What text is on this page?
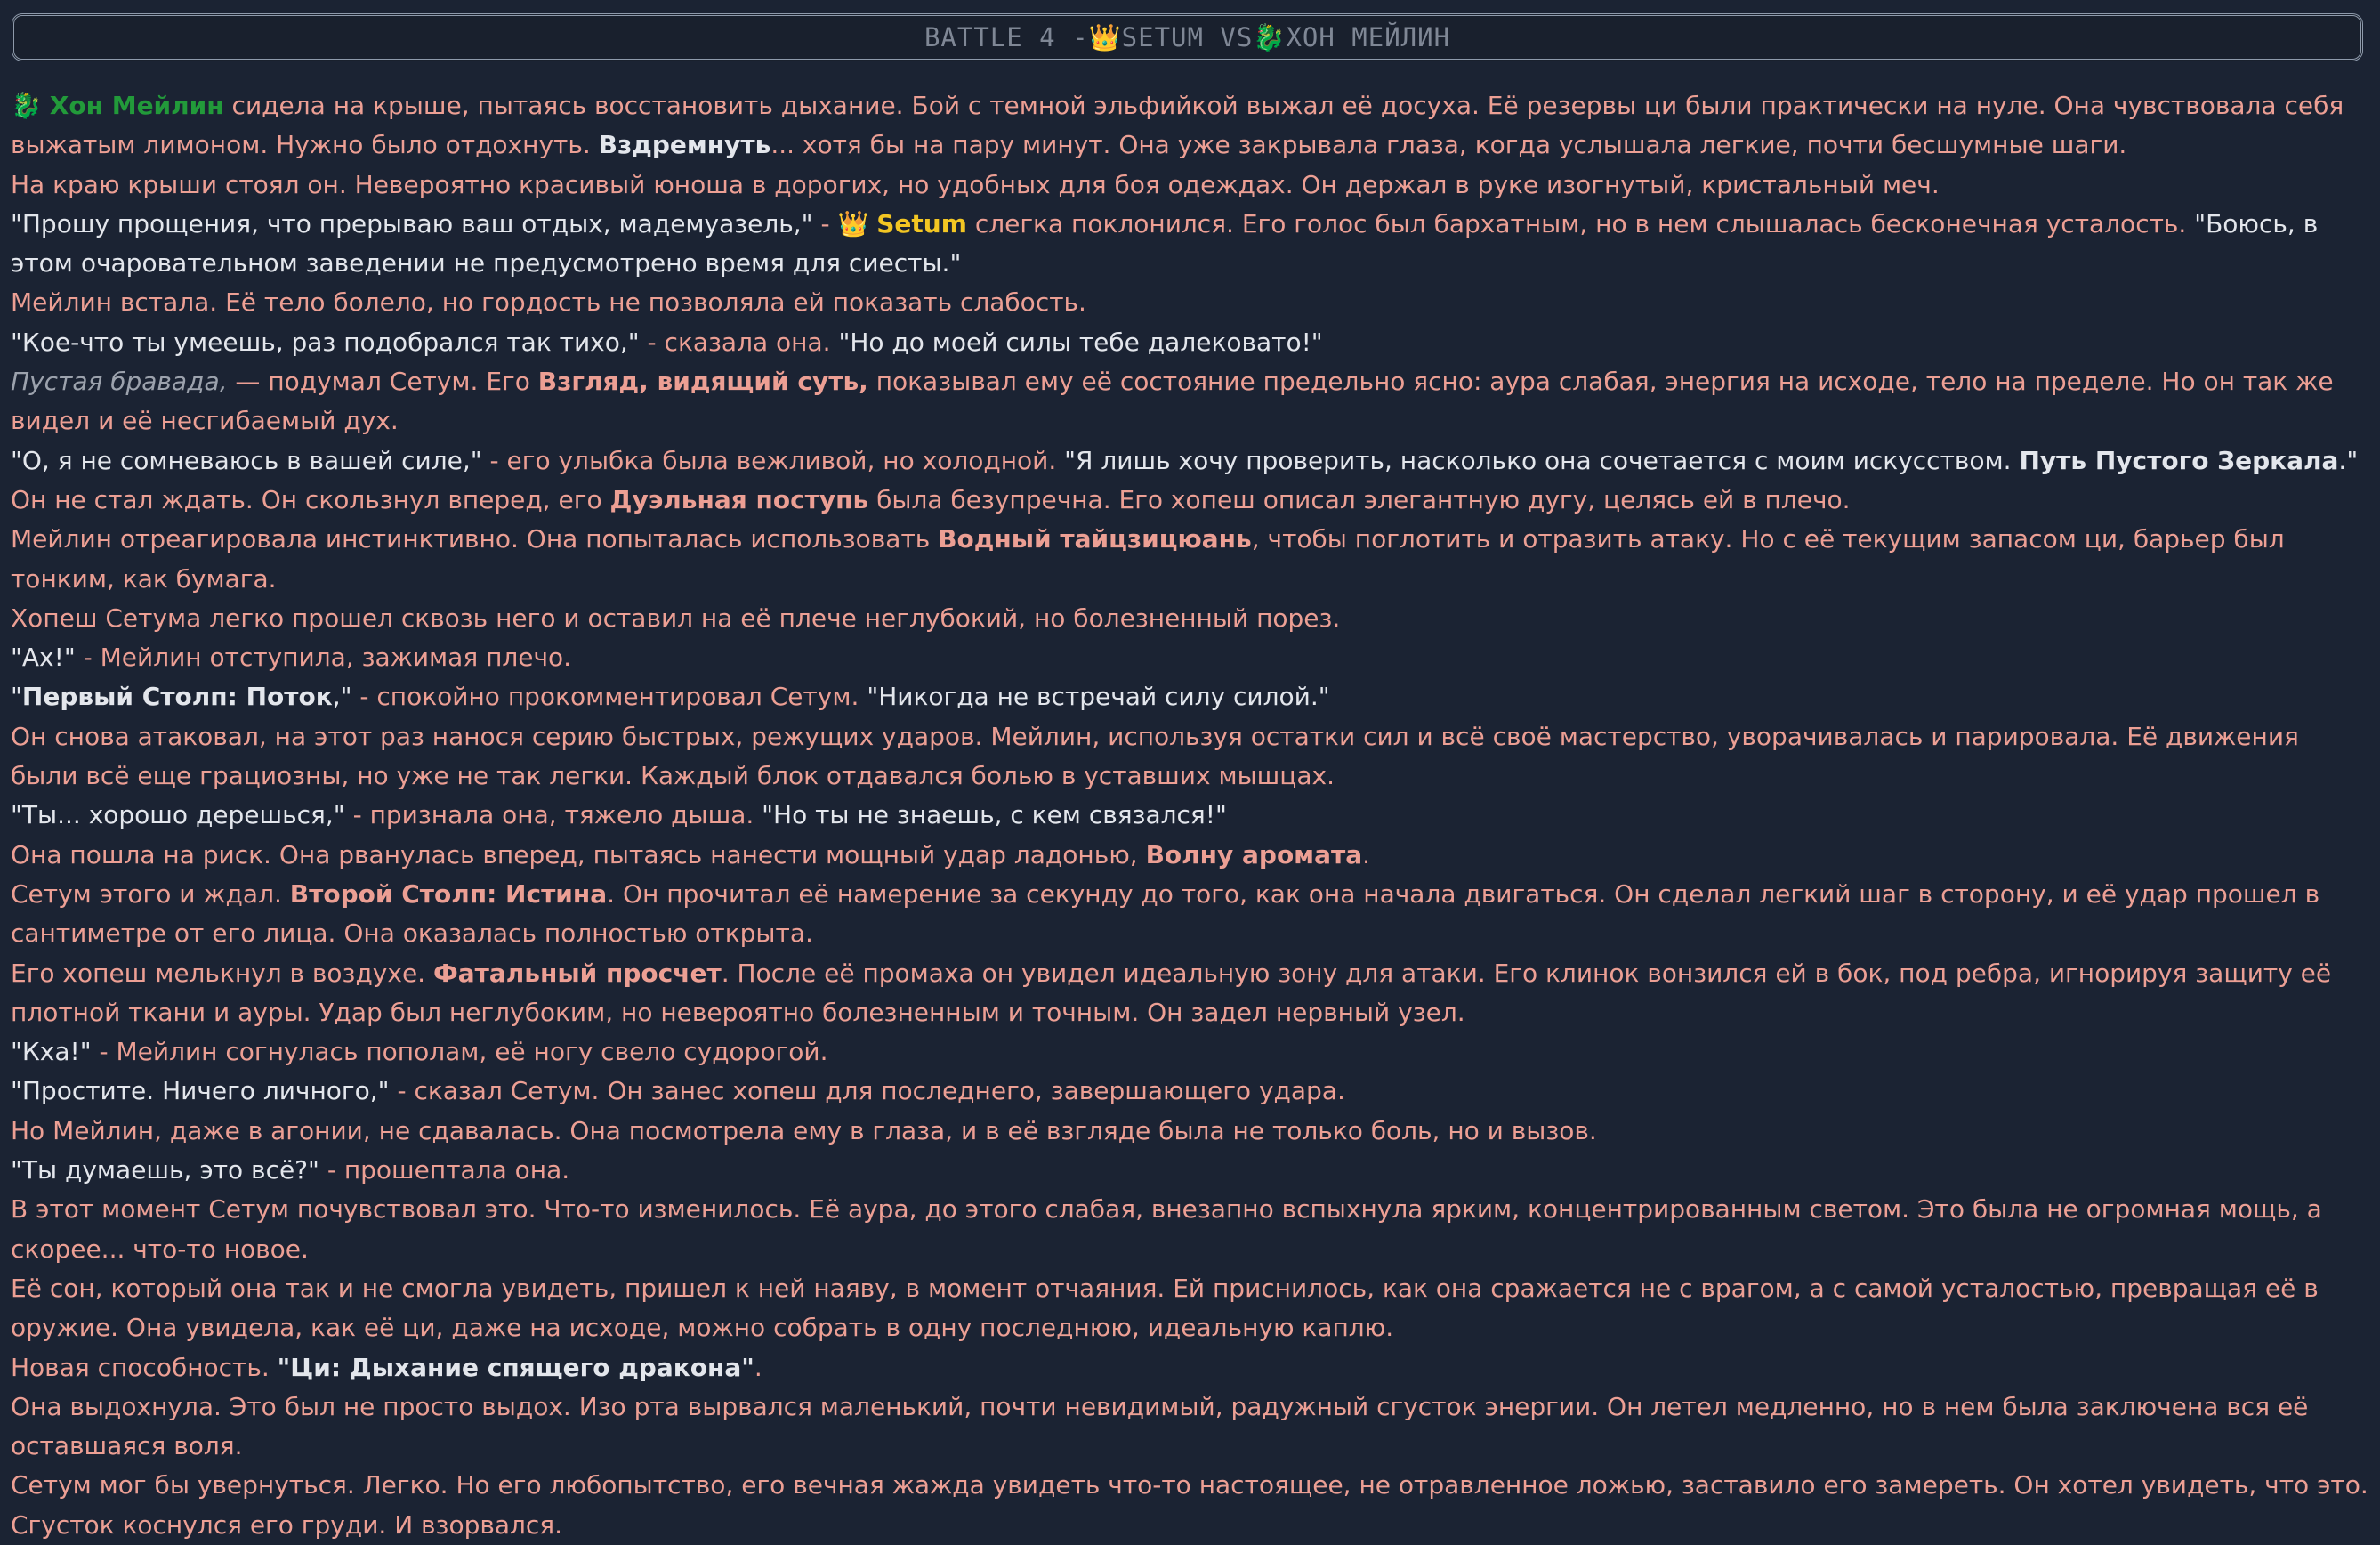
BATTLE 4 - 👑 SETUM VS 🐉 ХОН МЕЙЛИН

🐉 Хон Мейлин сидела на крыше, пытаясь восстановить дыхание. Бой с темной эльфийкой выжал её досуха. Её резервы ци были практически на нуле. Она чувствовала себя выжатым лимоном. Нужно было отдохнуть. Вздремнуть... хотя бы на пару минут. Она уже закрывала глаза, когда услышала легкие, почти бесшумные шаги.

На краю крыши стоял он. Невероятно красивый юноша в дорогих, но удобных для боя одеждах. Он держал в руке изогнутый, кристальный меч.

"Прошу прощения, что прерываю ваш отдых, мадемуазель," - 👑 Setum слегка поклонился. Его голос был бархатным, но в нем слышалась бесконечная усталость. "Боюсь, в этом очаровательном заведении не предусмотрено время для сиесты."

Мейлин встала. Её тело болело, но гордость не позволяла ей показать слабость.

"Кое-что ты умеешь, раз подобрался так тихо," - сказала она. "Но до моей силы тебе далековато!"

Пустая бравада, — подумал Сетум. Его Взгляд, видящий суть, показывал ему её состояние предельно ясно: аура слабая, энергия на исходе, тело на пределе. Но он так же видел и её несгибаемый дух.

"О, я не сомневаюсь в вашей силе," - его улыбка была вежливой, но холодной. "Я лишь хочу проверить, насколько она сочетается с моим искусством. Путь Пустого Зеркала."

Он не стал ждать. Он скользнул вперед, его Дуэльная поступь была безупречна. Его хопеш описал элегантную дугу, целясь ей в плечо.

Мейлин отреагировала инстинктивно. Она попыталась использовать Водный тайцзицюань, чтобы поглотить и отразить атаку. Но с её текущим запасом ци, барьер был тонким, как бумага.

Хопеш Сетума легко прошел сквозь него и оставил на её плече неглубокий, но болезненный порез.

"Ах!" - Мейлин отступила, зажимая плечо.

"Первый Столп: Поток," - спокойно прокомментировал Сетум. "Никогда не встречай силу силой."

Он снова атаковал, на этот раз нанося серию быстрых, режущих ударов. Мейлин, используя остатки сил и всё своё мастерство, уворачивалась и парировала. Её движения были всё еще грациозны, но уже не так легки. Каждый блок отдавался болью в уставших мышцах.

"Ты... хорошо дерешься," - признала она, тяжело дыша. "Но ты не знаешь, с кем связался!"

Она пошла на риск. Она рванулась вперед, пытаясь нанести мощный удар ладонью, Волну аромата.

Сетум этого и ждал. Второй Столп: Истина. Он прочитал её намерение за секунду до того, как она начала двигаться. Он сделал легкий шаг в сторону, и её удар прошел в сантиметре от его лица. Она оказалась полностью открыта.

Его хопеш мелькнул в воздухе. Фатальный просчет. После её промаха он увидел идеальную зону для атаки. Его клинок вонзился ей в бок, под ребра, игнорируя защиту её плотной ткани и ауры. Удар был неглубоким, но невероятно болезненным и точным. Он задел нервный узел.

"Кха!" - Мейлин согнулась пополам, её ногу свело судорогой.

"Простите. Ничего личного," - сказал Сетум. Он занес хопеш для последнего, завершающего удара.

Но Мейлин, даже в агонии, не сдавалась. Она посмотрела ему в глаза, и в её взгляде была не только боль, но и вызов.

"Ты думаешь, это всё?" - прошептала она.

В этот момент Сетум почувствовал это. Что-то изменилось. Её аура, до этого слабая, внезапно вспыхнула ярким, концентрированным светом. Это была не огромная мощь, а скорее... что-то новое.

Её сон, который она так и не смогла увидеть, пришел к ней наяву, в момент отчаяния. Ей приснилось, как она сражается не с врагом, а с самой усталостью, превращая её в оружие. Она увидела, как её ци, даже на исходе, можно собрать в одну последнюю, идеальную каплю.

Новая способность. "Ци: Дыхание спящего дракона".

Она выдохнула. Это был не просто выдох. Изо рта вырвался маленький, почти невидимый, радужный сгусток энергии. Он летел медленно, но в нем была заключена вся её оставшаяся воля.

Сетум мог бы увернуться. Легко. Но его любопытство, его вечная жажда увидеть что-то настоящее, не отравленное ложью, заставило его замереть. Он хотел увидеть, что это.

Сгусток коснулся его груди. И взорвался.
